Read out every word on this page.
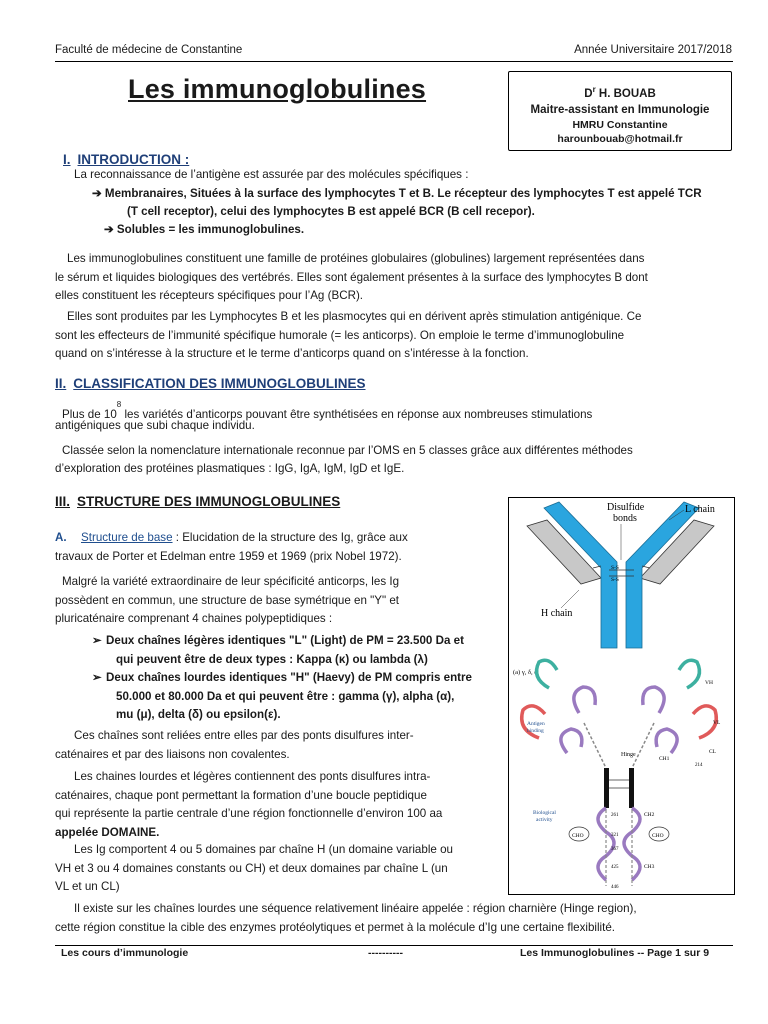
Faculté de médecine de Constantine	Année Universitaire 2017/2018
Les immunoglobulines	$D^r$ H. BOUAB
Maitre-assistant en Immunologie
HMRU Constantine
harounbouab@hotmail.fr
I. INTRODUCTION :
La reconnaissance de l’antigène est assurée par des molécules spécifiques :
➔ Membranaires, Situées à la surface des lymphocytes T et B. Le récepteur des lymphocytes T est appelé TCR
(T cell receptor), celui des lymphocytes B est appelé BCR (B cell recepor).
➔ Solubles = les immunoglobulines.
Les immunoglobulines constituent une famille de protéines globulaires (globulines) largement représentées dans
le sérum et liquides biologiques des vertébrés. Elles sont également présentes à la surface des lymphocytes B dont
elles constituent les récepteurs spécifiques pour l’Ag (BCR).
Elles sont produites par les Lymphocytes B et les plasmocytes qui en dérivent après stimulation antigénique. Ce
sont les effecteurs de l’immunité spécifique humorale (= les anticorps). On emploie le terme d’immunoglobuline
quand on s’intéresse à la structure et le terme d’anticorps quand on s’intéresse à la fonction.
II. CLASSIFICATION DES IMMUNOGLOBULINES
Plus de $10^8$ les variétés d’anticorps pouvant être synthétisées en réponse aux nombreuses stimulations
antigéniques que subi chaque individu.
Classée selon la nomenclature internationale reconnue par l’OMS en 5 classes grâce aux différentes méthodes
d’exploration des protéines plasmatiques : IgG, IgA, IgM, IgD et IgE.
III. STRUCTURE DES IMMUNOGLOBULINES
A. Structure de base : Elucidation de la structure des Ig, grâce aux
travaux de Porter et Edelman entre 1959 et 1969 (prix Nobel 1972).
Malgré la variété extraordinaire de leur spécificité anticorps, les Ig
possèdent en commun, une structure de base symétrique en "Y" et
pluricaténaire comprenant 4 chaines polypeptidiques :
➢ Deux chaînes légères identiques "L" (Light) de PM = 23.500 Da et
qui peuvent être de deux types : Kappa (κ) ou lambda (λ)
➢ Deux chaînes lourdes identiques "H" (Haevy) de PM compris entre
50.000 et 80.000 Da et qui peuvent être : gamma (γ), alpha (α),
mu (μ), delta (δ) ou epsilon(ε).
Ces chaînes sont reliées entre elles par des ponts disulfures inter-
caténaires et par des liaisons non covalentes.
Les chaines lourdes et légères contiennent des ponts disulfures intra-
caténaires, chaque pont permettant la formation d’une boucle peptidique
qui représente la partie centrale d’une région fonctionnelle d’environ 100 aa
appelée DOMAINE.
Les Ig comportent 4 ou 5 domaines par chaîne H (un domaine variable ou
VH et 3 ou 4 domaines constants ou CH) et deux domaines par chaîne L (un
VL et un CL)
Il existe sur les chaînes lourdes une séquence relativement linéaire appelée : région charnière (Hinge region),
cette région constitue la cible des enzymes protéolytiques et permet à la molécule d’Ig une certaine flexibilité.
S-S
S-S
Disulfide
bonds
L chain
H chain
(a) γ, δ, α
Hinge
CHO	CHO
Antigen
binding
Biological
activity
VH
VL
CL
CH1
CH2
CH3
261
321
367
425
446
214
Les cours d’immunologie	----------	Les Immunoglobulines -- Page 1 sur 9
